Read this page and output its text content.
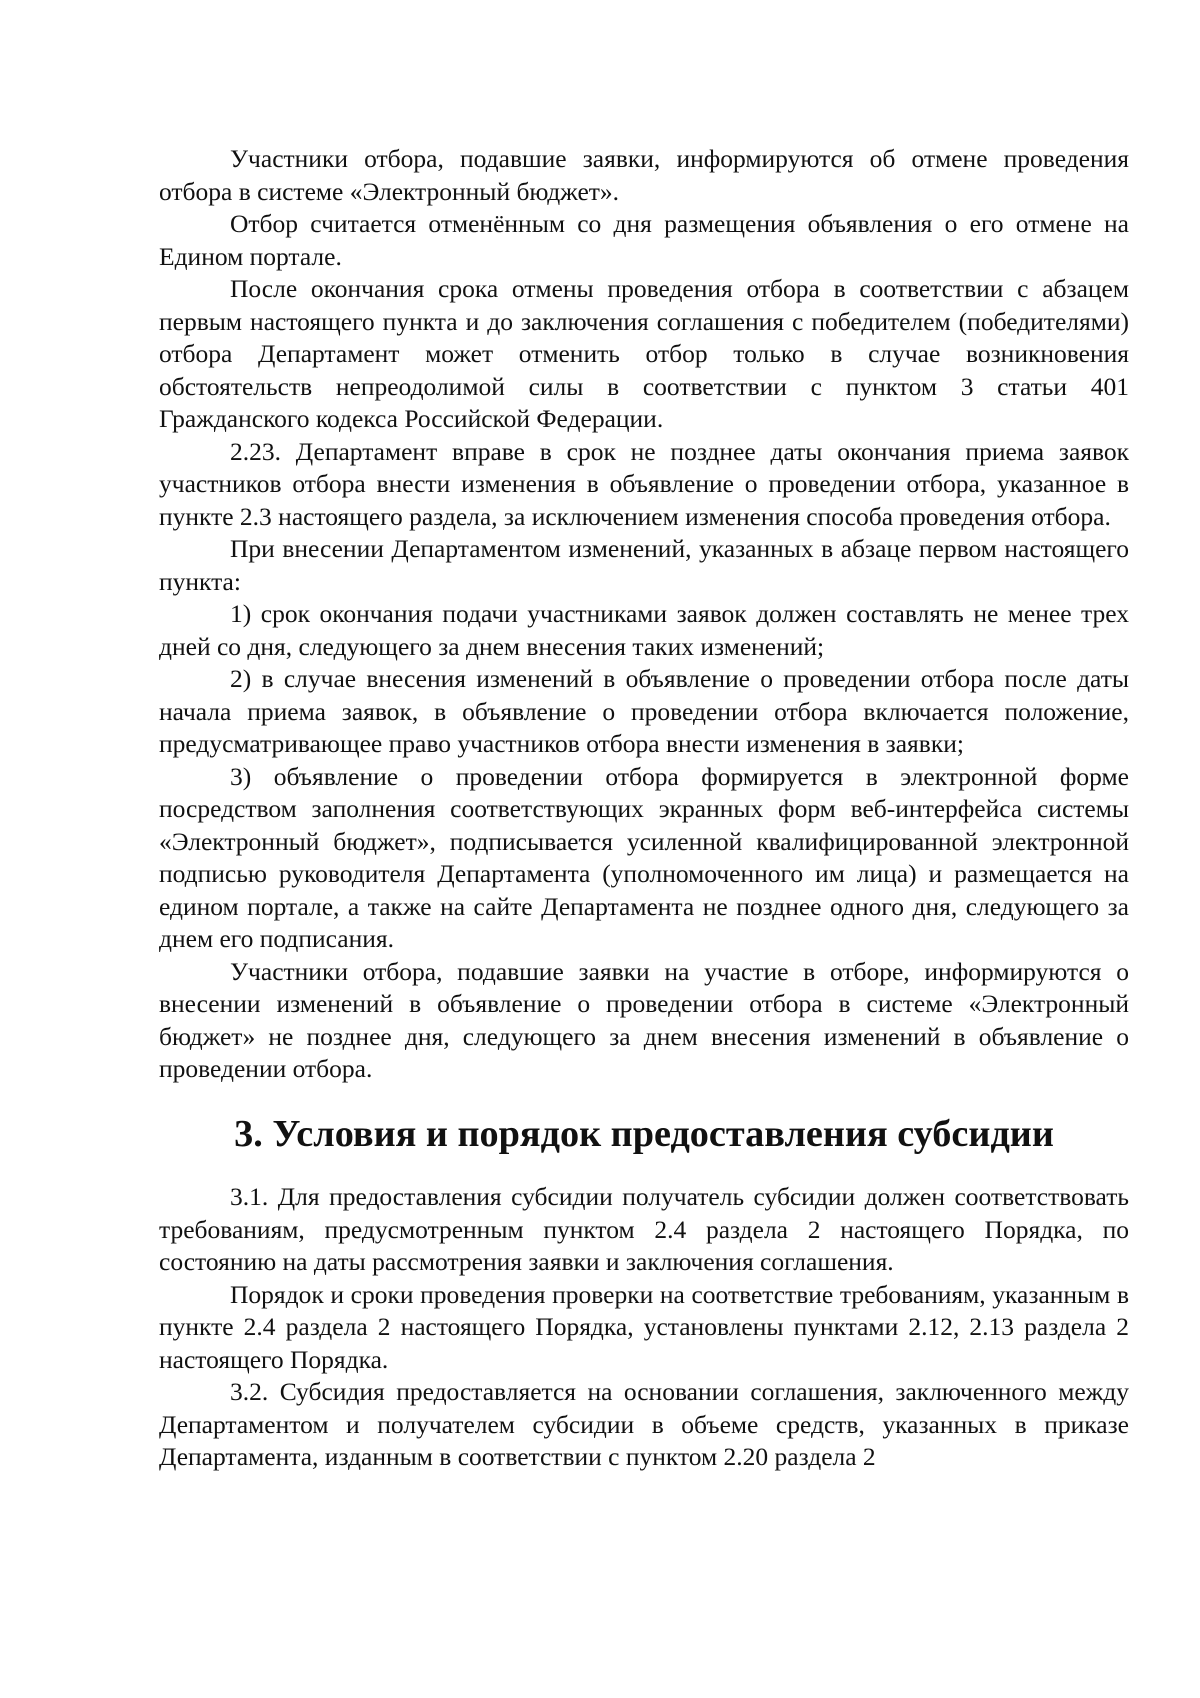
Участники отбора, подавшие заявки, информируются об отмене проведения отбора в системе «Электронный бюджет».

Отбор считается отменённым со дня размещения объявления о его отмене на Едином портале.

После окончания срока отмены проведения отбора в соответствии с абзацем первым настоящего пункта и до заключения соглашения с победителем (победителями) отбора Департамент может отменить отбор только в случае возникновения обстоятельств непреодолимой силы в соответствии с пунктом 3 статьи 401 Гражданского кодекса Российской Федерации.

2.23. Департамент вправе в срок не позднее даты окончания приема заявок участников отбора внести изменения в объявление о проведении отбора, указанное в пункте 2.3 настоящего раздела, за исключением изменения способа проведения отбора.

При внесении Департаментом изменений, указанных в абзаце первом настоящего пункта:

1) срок окончания подачи участниками заявок должен составлять не менее трех дней со дня, следующего за днем внесения таких изменений;

2) в случае внесения изменений в объявление о проведении отбора после даты начала приема заявок, в объявление о проведении отбора включается положение, предусматривающее право участников отбора внести изменения в заявки;

3) объявление о проведении отбора формируется в электронной форме посредством заполнения соответствующих экранных форм веб-интерфейса системы «Электронный бюджет», подписывается усиленной квалифицированной электронной подписью руководителя Департамента (уполномоченного им лица) и размещается на едином портале, а также на сайте Департамента не позднее одного дня, следующего за днем его подписания.

Участники отбора, подавшие заявки на участие в отборе, информируются о внесении изменений в объявление о проведении отбора в системе «Электронный бюджет» не позднее дня, следующего за днем внесения изменений в объявление о проведении отбора.

3. Условия и порядок предоставления субсидии

3.1. Для предоставления субсидии получатель субсидии должен соответствовать требованиям, предусмотренным пунктом 2.4 раздела 2 настоящего Порядка, по состоянию на даты рассмотрения заявки и заключения соглашения.

Порядок и сроки проведения проверки на соответствие требованиям, указанным в пункте 2.4 раздела 2 настоящего Порядка, установлены пунктами 2.12, 2.13 раздела 2 настоящего Порядка.

3.2. Субсидия предоставляется на основании соглашения, заключенного между Департаментом и получателем субсидии в объеме средств, указанных в приказе Департамента, изданным в соответствии с пунктом 2.20 раздела 2
